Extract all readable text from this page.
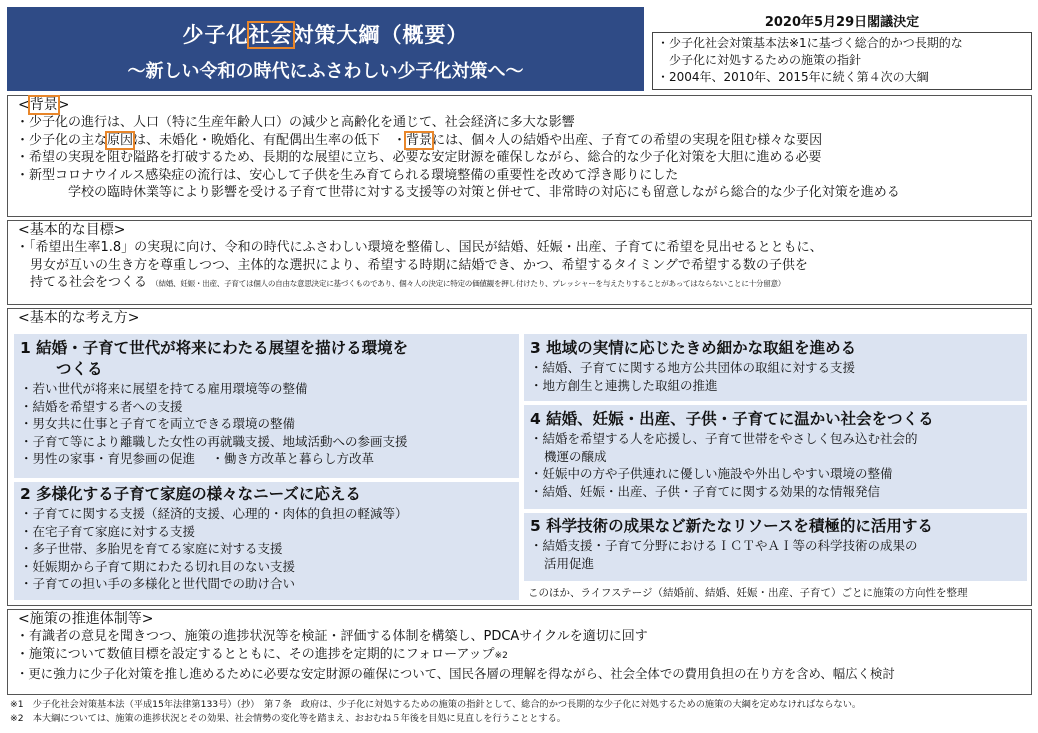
少子化社会対策大綱（概要）
～新しい令和の時代にふさわしい少子化対策へ～
2020年5月29日閣議決定
・少子化社会対策基本法※1に基づく総合的かつ長期的な
　少子化に対処するための施策の指針
・2004年、2010年、2015年に続く第４次の大綱
<背景>
・少子化の進行は、人口（特に生産年齢人口）の減少と高齢化を通じて、社会経済に多大な影響
・少子化の主な原因は、未婚化・晩婚化、有配偶出生率の低下　・背景には、個々人の結婚や出産、子育ての希望の実現を阻む様々な要因
・希望の実現を阻む隘路を打破するため、長期的な展望に立ち、必要な安定財源を確保しながら、総合的な少子化対策を大胆に進める必要
・新型コロナウイルス感染症の流行は、安心して子供を生み育てられる環境整備の重要性を改めて浮き彫りにした
学校の臨時休業等により影響を受ける子育て世帯に対する支援等の対策と併せて、非常時の対応にも留意しながら総合的な少子化対策を進める
<基本的な目標>
・「希望出生率1.8」の実現に向け、令和の時代にふさわしい環境を整備し、国民が結婚、妊娠・出産、子育てに希望を見出せるとともに、
男女が互いの生き方を尊重しつつ、主体的な選択により、希望する時期に結婚でき、かつ、希望するタイミングで希望する数の子供を
持てる社会をつくる （結婚、妊娠・出産、子育ては個人の自由な意思決定に基づくものであり、個々人の決定に特定の価値観を押し付けたり、プレッシャーを与えたりすることがあってはならないことに十分留意）
<基本的な考え方>
1 結婚・子育て世代が将来にわたる展望を描ける環境を
つくる
・若い世代が将来に展望を持てる雇用環境等の整備
・結婚を希望する者への支援
・男女共に仕事と子育てを両立できる環境の整備
・子育て等により離職した女性の再就職支援、地域活動への参画支援
・男性の家事・育児参画の促進　 ・働き方改革と暮らし方改革
2 多様化する子育て家庭の様々なニーズに応える
・子育てに関する支援（経済的支援、心理的・肉体的負担の軽減等）
・在宅子育て家庭に対する支援
・多子世帯、多胎児を育てる家庭に対する支援
・妊娠期から子育て期にわたる切れ目のない支援
・子育ての担い手の多様化と世代間での助け合い
3 地域の実情に応じたきめ細かな取組を進める
・結婚、子育てに関する地方公共団体の取組に対する支援
・地方創生と連携した取組の推進
4 結婚、妊娠・出産、子供・子育てに温かい社会をつくる
・結婚を希望する人を応援し、子育て世帯をやさしく包み込む社会的
機運の醸成
・妊娠中の方や子供連れに優しい施設や外出しやすい環境の整備
・結婚、妊娠・出産、子供・子育てに関する効果的な情報発信
5 科学技術の成果など新たなリソースを積極的に活用する
・結婚支援・子育て分野におけるＩＣＴやＡＩ等の科学技術の成果の
活用促進
このほか、ライフステージ（結婚前、結婚、妊娠・出産、子育て）ごとに施策の方向性を整理
<施策の推進体制等>
・有識者の意見を聞きつつ、施策の進捗状況等を検証・評価する体制を構築し、PDCAサイクルを適切に回す
・施策について数値目標を設定するとともに、その進捗を定期的にフォローアップ※2
・更に強力に少子化対策を推し進めるために必要な安定財源の確保について、国民各層の理解を得ながら、社会全体での費用負担の在り方を含め、幅広く検討
※1　少子化社会対策基本法（平成15年法律第133号）（抄）　第７条　政府は、少子化に対処するための施策の指針として、総合的かつ長期的な少子化に対処するための施策の大綱を定めなければならない。
※2　本大綱については、施策の進捗状況とその効果、社会情勢の変化等を踏まえ、おおむね５年後を目処に見直しを行うこととする。
